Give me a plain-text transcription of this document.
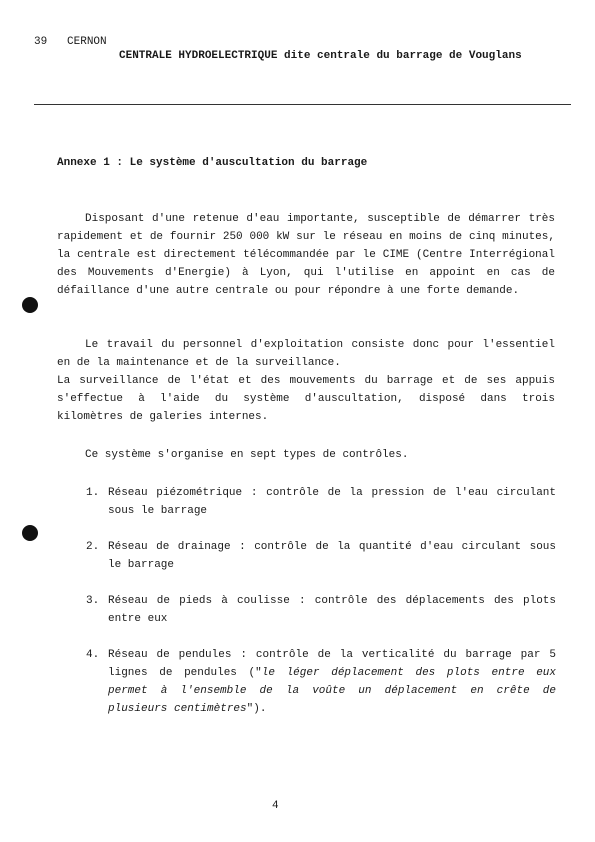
39 CERNON
CENTRALE HYDROELECTRIQUE dite centrale du barrage de Vouglans
Annexe 1 : Le système d'auscultation du barrage
Disposant d'une retenue d'eau importante, susceptible de démarrer très rapidement et de fournir 250 000 kW sur le réseau en moins de cinq minutes, la centrale est directement télécommandée par le CIME (Centre Interrégional des Mouvements d'Energie) à Lyon, qui l'utilise en appoint en cas de défaillance d'une autre centrale ou pour répondre à une forte demande.
Le travail du personnel d'exploitation consiste donc pour l'essentiel en de la maintenance et de la surveillance.
La surveillance de l'état et des mouvements du barrage et de ses appuis s'effectue à l'aide du système d'auscultation, disposé dans trois kilomètres de galeries internes.
Ce système s'organise en sept types de contrôles.
1. Réseau piézométrique : contrôle de la pression de l'eau circulant sous le barrage
2. Réseau de drainage : contrôle de la quantité d'eau circulant sous le barrage
3. Réseau de pieds à coulisse : contrôle des déplacements des plots entre eux
4. Réseau de pendules : contrôle de la verticalité du barrage par 5 lignes de pendules ("le léger déplacement des plots entre eux permet à l'ensemble de la voûte un déplacement en crête de plusieurs centimètres").
4
